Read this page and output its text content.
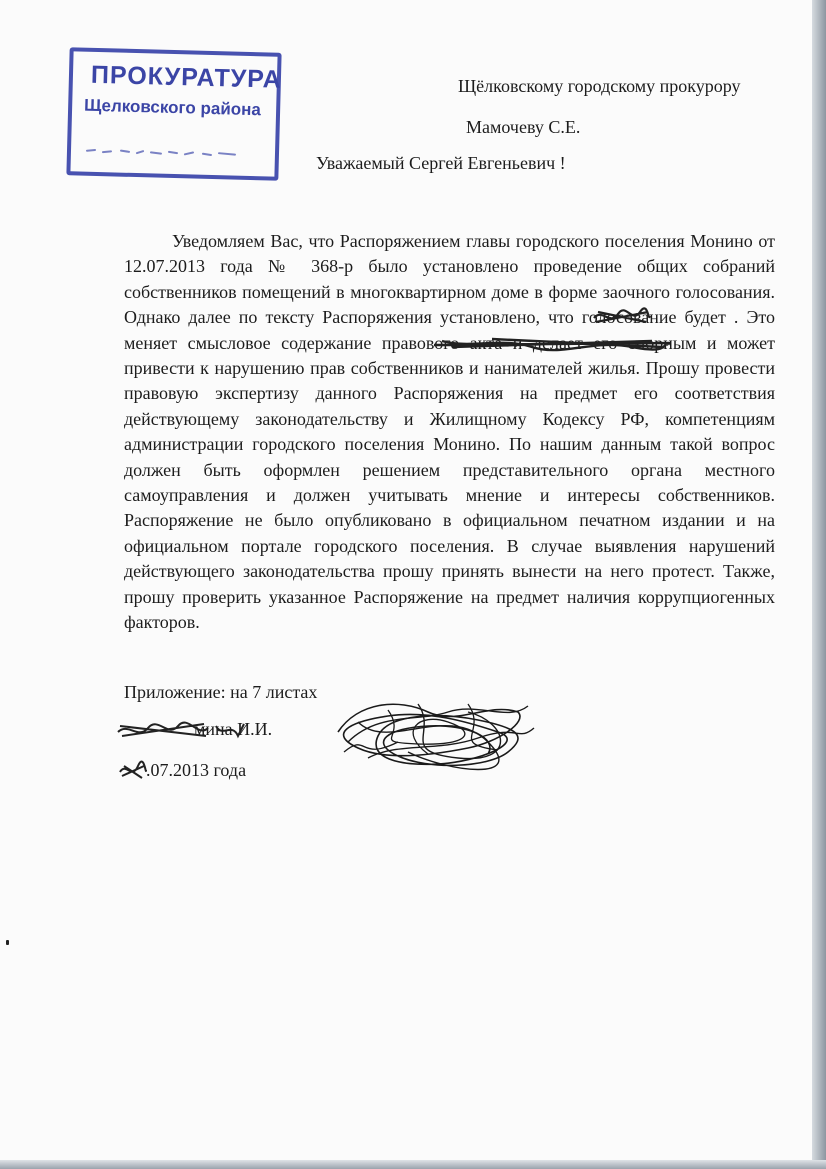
ПРОКУРАТУРА
Щелковского района
Щёлковскому городскому прокурору
Мамочеву С.Е.
Уважаемый Сергей Евгеньевич !

Уведомляем Вас, что Распоряжением главы городского поселения Монино от 12.07.2013 года № 368-р было установлено проведение общих собраний собственников помещений в многоквартирном доме в форме заочного голосования. Однако далее по тексту Распоряжения установлено, что голосование будет . Это меняет смысловое содержание правового акта и делает его спорным и может привести к нарушению прав собственников и нанимателей жилья. Прошу провести правовую экспертизу данного Распоряжения на предмет его соответствия действующему законодательству и Жилищному Кодексу РФ, компетенциям администрации городского поселения Монино. По нашим данным такой вопрос должен быть оформлен решением представительного органа местного самоуправления и должен учитывать мнение и интересы собственников. Распоряжение не было опубликовано в официальном печатном издании и на официальном портале городского поселения. В случае выявления нарушений действующего законодательства прошу принять вынести на него протест. Также, прошу проверить указанное Распоряжение на предмет наличия коррупциогенных факторов.

Приложение: на 7 листах
мина И.И.
.07.2013 года
